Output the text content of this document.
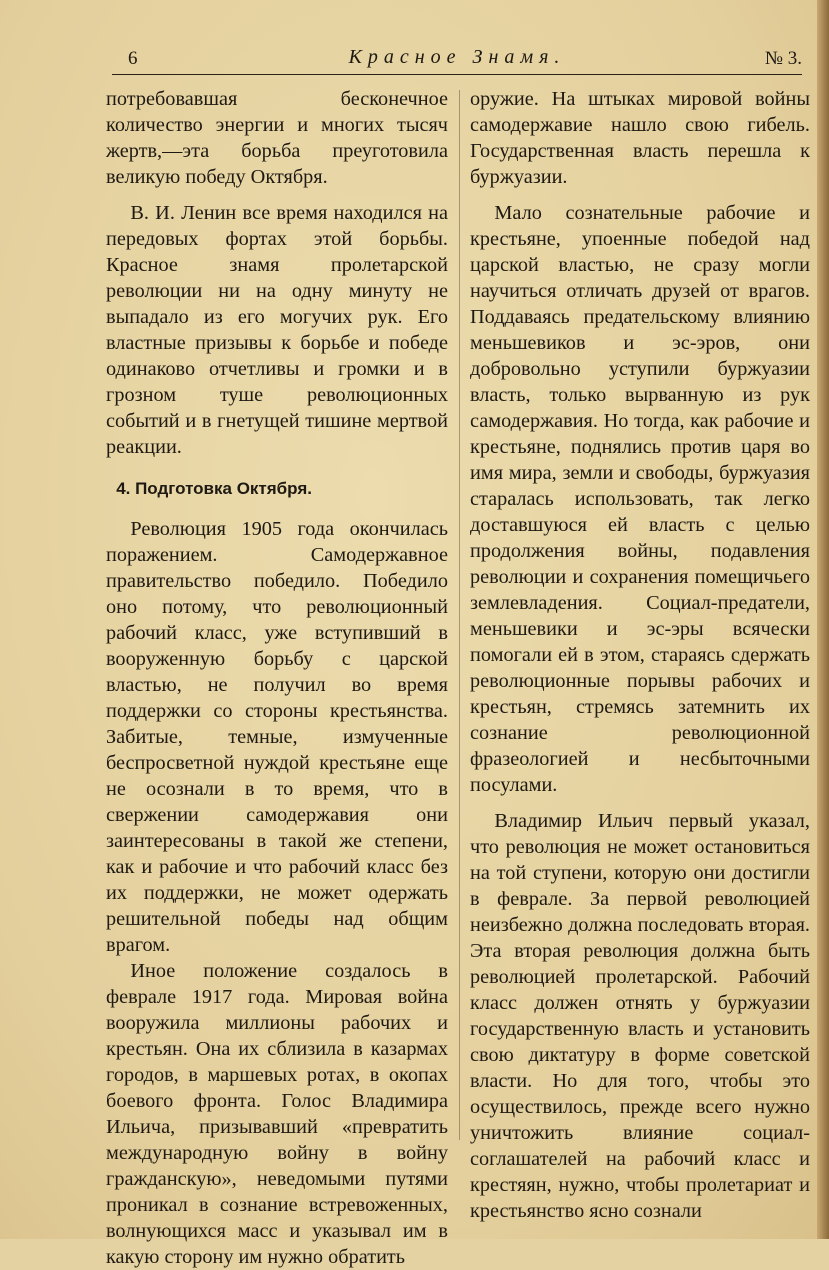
6	Красное Знамя.	№ 3.

потребовавшая бесконечное количество энергии и многих тысяч жертв,—эта борьба преуготовила великую победу Октября.

В. И. Ленин все время находился на передовых фортах этой борьбы. Красное знамя пролетарской революции ни на одну минуту не выпадало из его могучих рук. Его властные призывы к борьбе и победе одинаково отчетливы и громки и в грозном туше революционных событий и в гнетущей тишине мертвой реакции.

4. Подготовка Октября.

Революция 1905 года окончилась поражением. Самодержавное правительство победило. Победило оно потому, что революционный рабочий класс, уже вступивший в вооруженную борьбу с царской властью, не получил во время поддержки со стороны крестьянства. Забитые, темные, измученные беспросветной нуждой крестьяне еще не осознали в то время, что в свержении самодержавия они заинтересованы в такой же степени, как и рабочие и что рабочий класс без их поддержки, не может одержать решительной победы над общим врагом.

Иное положение создалось в феврале 1917 года. Мировая война вооружила миллионы рабочих и крестьян. Она их сблизила в казармах городов, в маршевых ротах, в окопах боевого фронта. Голос Владимира Ильича, призывавший «превратить международную войну в войну гражданскую», неведомыми путями проникал в сознание встревоженных, волнующихся масс и указывал им в какую сторону им нужно обратить

оружие. На штыках мировой войны самодержавие нашло свою гибель. Государственная власть перешла к буржуазии.

Мало сознательные рабочие и крестьяне, упоенные победой над царской властью, не сразу могли научиться отличать друзей от врагов. Поддаваясь предательскому влиянию меньшевиков и эс-эров, они добровольно уступили буржуазии власть, только вырванную из рук самодержавия. Но тогда, как рабочие и крестьяне, поднялись против царя во имя мира, земли и свободы, буржуазия старалась использовать, так легко доставшуюся ей власть с целью продолжения войны, подавления революции и сохранения помещичьего землевладения. Социал-предатели, меньшевики и эс-эры всячески помогали ей в этом, стараясь сдержать революционные порывы рабочих и крестьян, стремясь затемнить их сознание революционной фразеологией и несбыточными посулами.

Владимир Ильич первый указал, что революция не может остановиться на той ступени, которую они достигли в феврале. За первой революцией неизбежно должна последовать вторая. Эта вторая революция должна быть революцией пролетарской. Рабочий класс должен отнять у буржуазии государственную власть и установить свою диктатуру в форме советской власти. Но для того, чтобы это осуществилось, прежде всего нужно уничтожить влияние социал-соглашателей на рабочий класс и крестяян, нужно, чтобы пролетариат и крестьянство ясно сознали
